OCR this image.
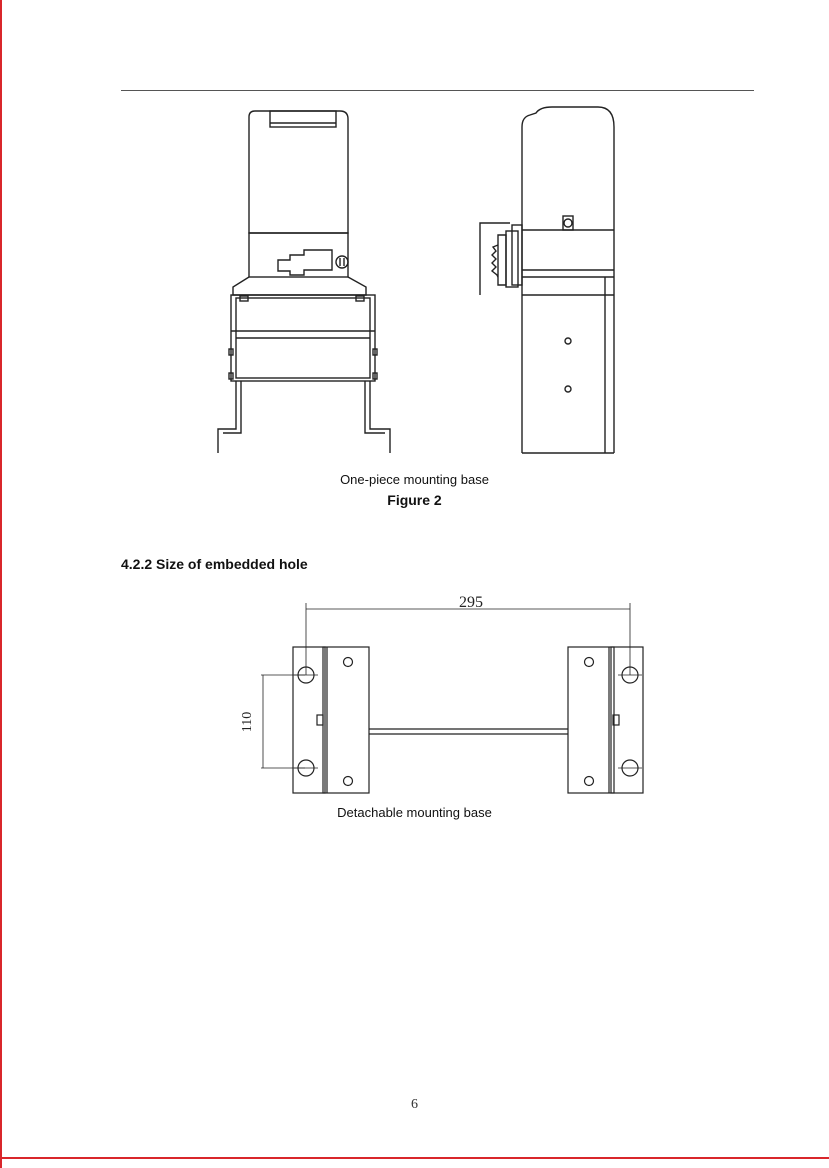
One-piece mounting base
Figure 2
4.2.2 Size of embedded hole
295
110
Detachable mounting base
6
